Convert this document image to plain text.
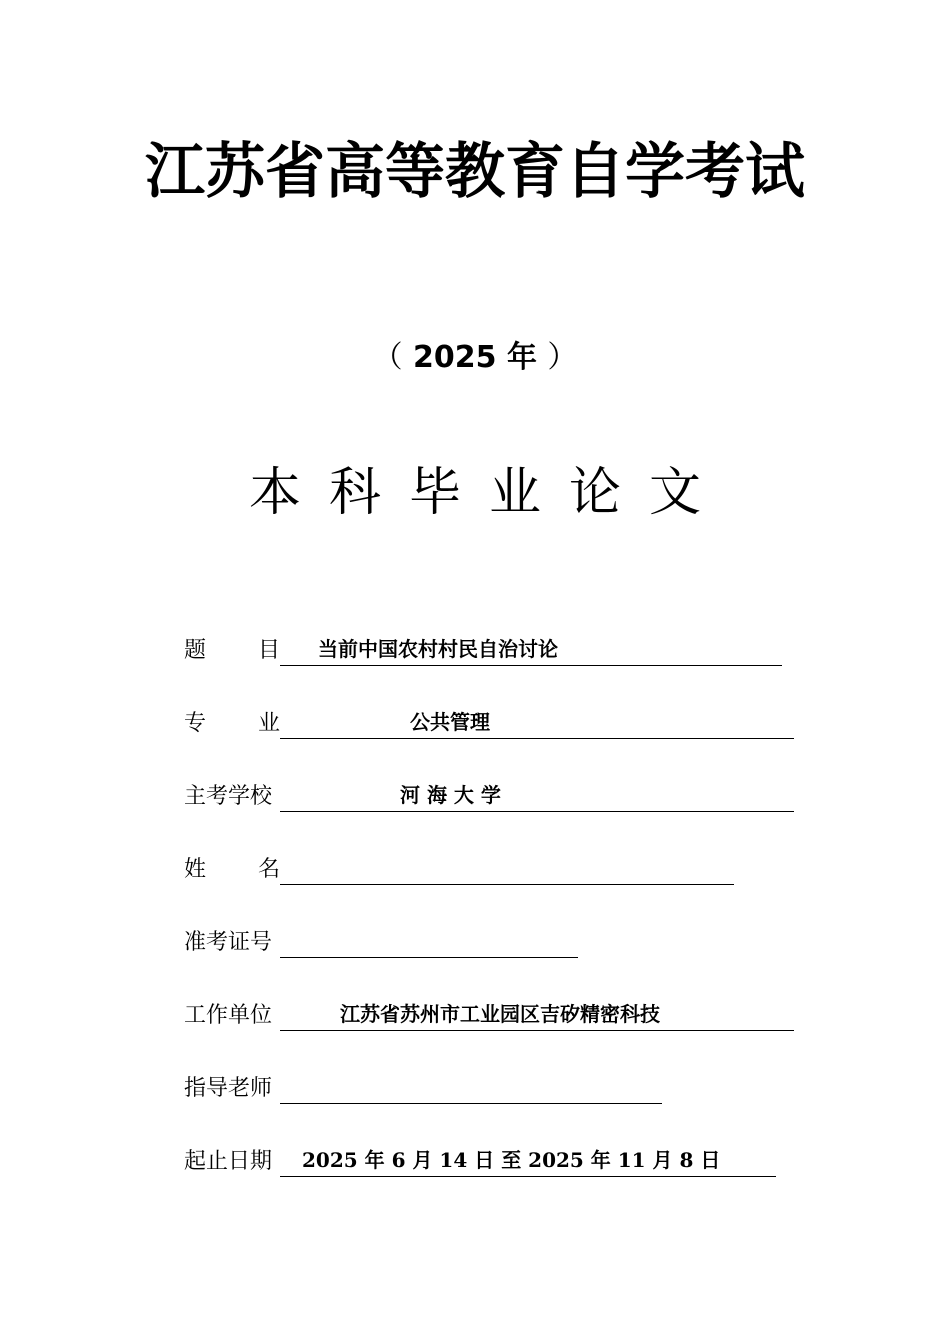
江苏省高等教育自学考试
（ 2025 年 ）
本科毕业论文
题 目 当前中国农村村民自治讨论
专 业	公共管理
主考学校	河 海 大 学
姓 名
准考证号
工作单位	江苏省苏州市工业园区吉矽精密科技
指导老师
起止日期	2025 年 6 月 14 日 至 2025 年 11 月 8 日
